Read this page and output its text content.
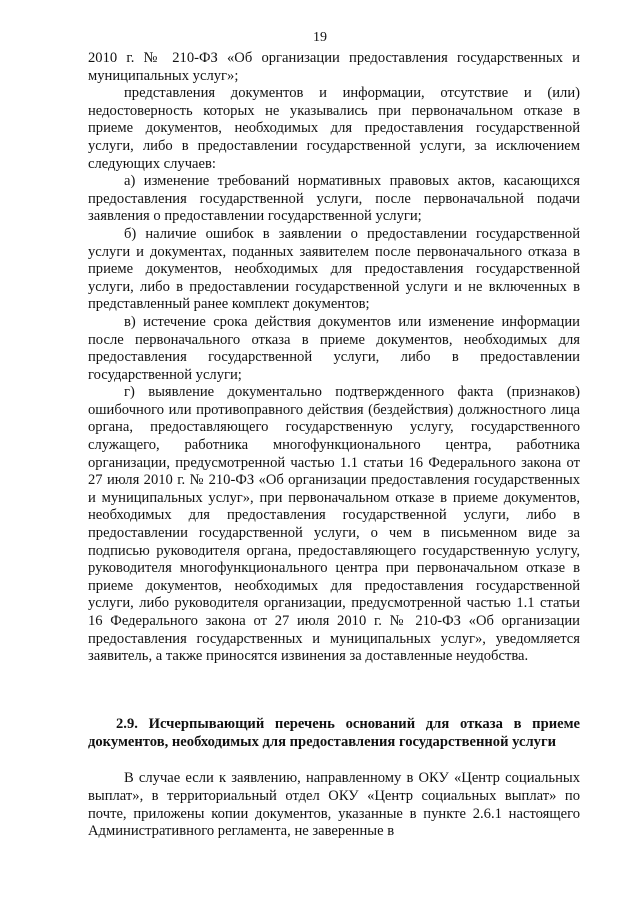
19

2010 г. № 210-ФЗ «Об организации предоставления государственных и муниципальных услуг»;

представления документов и информации, отсутствие и (или) недостоверность которых не указывались при первоначальном отказе в приеме документов, необходимых для предоставления государственной услуги, либо в предоставлении государственной услуги, за исключением следующих случаев:

а) изменение требований нормативных правовых актов, касающихся предоставления государственной услуги, после первоначальной подачи заявления о предоставлении государственной услуги;

б) наличие ошибок в заявлении о предоставлении государственной услуги и документах, поданных заявителем после первоначального отказа в приеме документов, необходимых для предоставления государственной услуги, либо в предоставлении государственной услуги и не включенных в представленный ранее комплект документов;

в) истечение срока действия документов или изменение информации после первоначального отказа в приеме документов, необходимых для предоставления государственной услуги, либо в предоставлении государственной услуги;

г) выявление документально подтвержденного факта (признаков) ошибочного или противоправного действия (бездействия) должностного лица органа, предоставляющего государственную услугу, государственного служащего, работника многофункционального центра, работника организации, предусмотренной частью 1.1 статьи 16 Федерального закона от 27 июля 2010 г. № 210-ФЗ «Об организации предоставления государственных и муниципальных услуг», при первоначальном отказе в приеме документов, необходимых для предоставления государственной услуги, либо в предоставлении государственной услуги, о чем в письменном виде за подписью руководителя органа, предоставляющего государственную услугу, руководителя многофункционального центра при первоначальном отказе в приеме документов, необходимых для предоставления государственной услуги, либо руководителя организации, предусмотренной частью 1.1 статьи 16 Федерального закона от 27 июля 2010 г. № 210-ФЗ «Об организации предоставления государственных и муниципальных услуг», уведомляется заявитель, а также приносятся извинения за доставленные неудобства.

2.9. Исчерпывающий перечень оснований для отказа в приеме документов, необходимых для предоставления государственной услуги

В случае если к заявлению, направленному в ОКУ «Центр социальных выплат», в территориальный отдел ОКУ «Центр социальных выплат» по почте, приложены копии документов, указанные в пункте 2.6.1 настоящего Административного регламента, не заверенные в
